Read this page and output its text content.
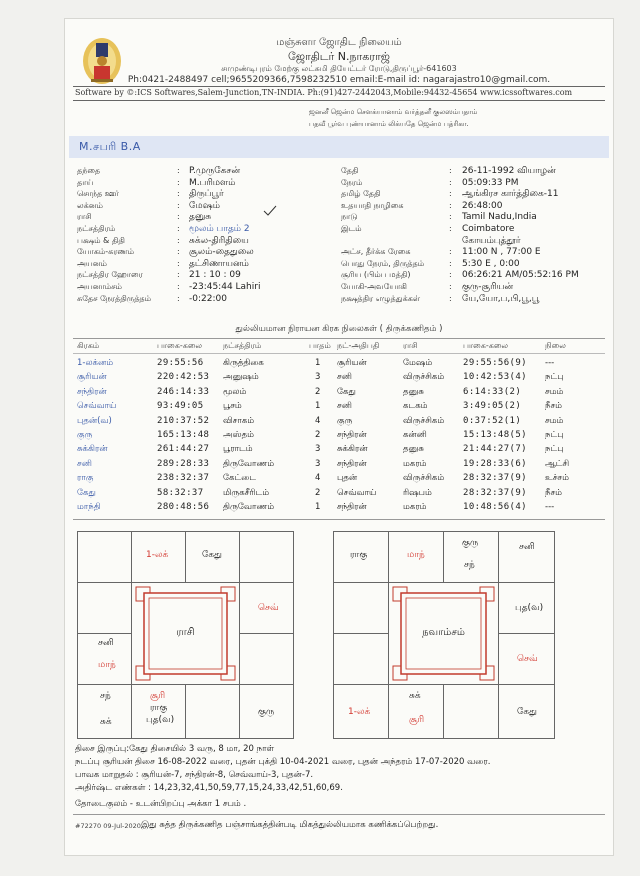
மஞ்சுளா ஜோதிட நிலையம்
ஜோதிடர் N.நாகராஜ்
சாமுண்டிபுரம் மேற்கு லட்சுமி தியேட்டர் ரோடு,திருப்பூர்-641603
Ph:0421-2488497 cell;9655209366,7598232510 email:E-mail id: nagarajastro10@gmail.com.
Software by ©:ICS Softwares,Salem-Junction,TN-INDIA. Ph:(91)427-2442043,Mobile:94432-45654 www.icssoftwares.com
ஜனனீ ஜென்ம சௌக்யானாம் வர்த்தனீ குலஸம்பதாம்
பதவீ பூர்வ புண்யானாம் லிக்யதே ஜென்ம பத்ரிகா.
M.சபரி B.A
தந்தை	: P.முருகேசன்
தாய்	: M.பரிமளம்
சொந்த ஊர்	: திருப்பூர்
லக்னம்	: மேஷம்
ராசி	: தனுசு
நட்சத்திரம்	: மூலம் பாதம் 2
பக்ஷம் & திதி	: சுக்ல-திரிதியை
யோகம்-கரணம்	: சூலம்-தைதுலை
அயனம்	: தட்சிணாயனம்
நட்சத்திர ஹோரை	: 21 : 10 : 09
அயனாம்சம்	: -23:45:44 Lahiri
சுதேச நேரத்திருத்தம்	: -0:22:00
தேதி	: 26-11-1992 வியாழன்
நேரம்	: 05:09:33 PM
தமிழ் தேதி	: ஆங்கிரச கார்த்திகை-11
உதயாதி நாழிகை	: 26:48:00
நாடு	: Tamil Nadu,India
இடம்	: Coimbatore
கோயம்புத்தூர்
அட்ச, தீர்க்க ரேகை	: 11:00 N , 77:00 E
பொது நேரம், திருத்தம்	: 5:30 E , 0:00
சூரிய (பிம்ப மத்தி)	: 06:26:21 AM/05:52:16 PM
யோகி-அவயோகி	: குரு-சூரியன்
நக்ஷத்திர எழுத்துக்கள்	: யே,யோ,ப,பி,பூ,பூ
துல்லியமான நிராயன கிரக நிலைகள் ( திருக்கணிதம் )
கிரகம்	பாகை-கலை	நட்சத்திரம்	பாதம் நட்-அதிபதி	ராசி	பாகை-கலை	நிலை
1-லக்னம்	29:55:56 கிருத்திகை	1 சூரியன்	மேஷம்	29:55:56(9) ---
சூரியன்	220:42:53 அனுஷம்	3 சனி	விருச்சிகம் 10:42:53(4) நட்பு
சந்திரன்	246:14:33 மூலம்	2 கேது	தனுசு	6:14:33(2)	சமம்
செவ்வாய்	93:49:05 பூசம்	1 சனி	கடகம்	3:49:05(2)	நீசம்
புதன்(வ)	210:37:52 விசாகம்	4 குரு	விருச்சிகம் 0:37:52(1)	சமம்
குரு	165:13:48 அஸ்தம்	2 சந்திரன்	கன்னி	15:13:48(5) நட்பு
சுக்கிரன்	261:44:27 பூராடம்	3 சுக்கிரன்	தனுசு	21:44:27(7) நட்பு
சனி	289:28:33 திருவோணம்	3 சந்திரன்	மகரம்	19:28:33(6) ஆட்சி
ராகு	238:32:37 கேட்டை	4 புதன்	விருச்சிகம் 28:32:37(9) உச்சம்
கேது	58:32:37 மிருகசீரிடம்	2 செவ்வாய்	ரிஷபம்	28:32:37(9) நீசம்
மாந்தி	280:48:56 திருவோணம்	1 சந்திரன்	மகரம்	10:48:56(4) ---
1-லக்	கேது
செவ்
குரு
சூரி
ராகு
புத(வ)
சந்
சுக்
சனி
மாந்
ராசி
ராகு	மாந்
குரு
சந்
சனி
புத(வ)
செவ்
கேது
சுக்
சூரி
1-லக்
நவாம்சம்
திசை இருப்பு:கேது திசையில் 3 வரு, 8 மா, 20 நாள்
நடப்பு சூரியன் திசை 16-08-2022 வரை, புதன் புக்தி 10-04-2021 வரை, புதன் அந்தரம் 17-07-2020 வரை.
பாவக மாறுதல் : சூரியன்-7, சந்திரன்-8, செவ்வாய்-3, புதன்-7.
அதிர்ஷ்ட எண்கள் : 14,23,32,41,50,59,77,15,24,33,42,51,60,69.
தோடைகுலம் - உடன்பிறப்பு அக்கா 1 சபம் .
#72270 09-Jul-2020 இது சுத்த திருக்கணித பஞ்சாங்கத்தின்படி மிகத்துல்லியமாக கணிக்கப்பெற்றது.
